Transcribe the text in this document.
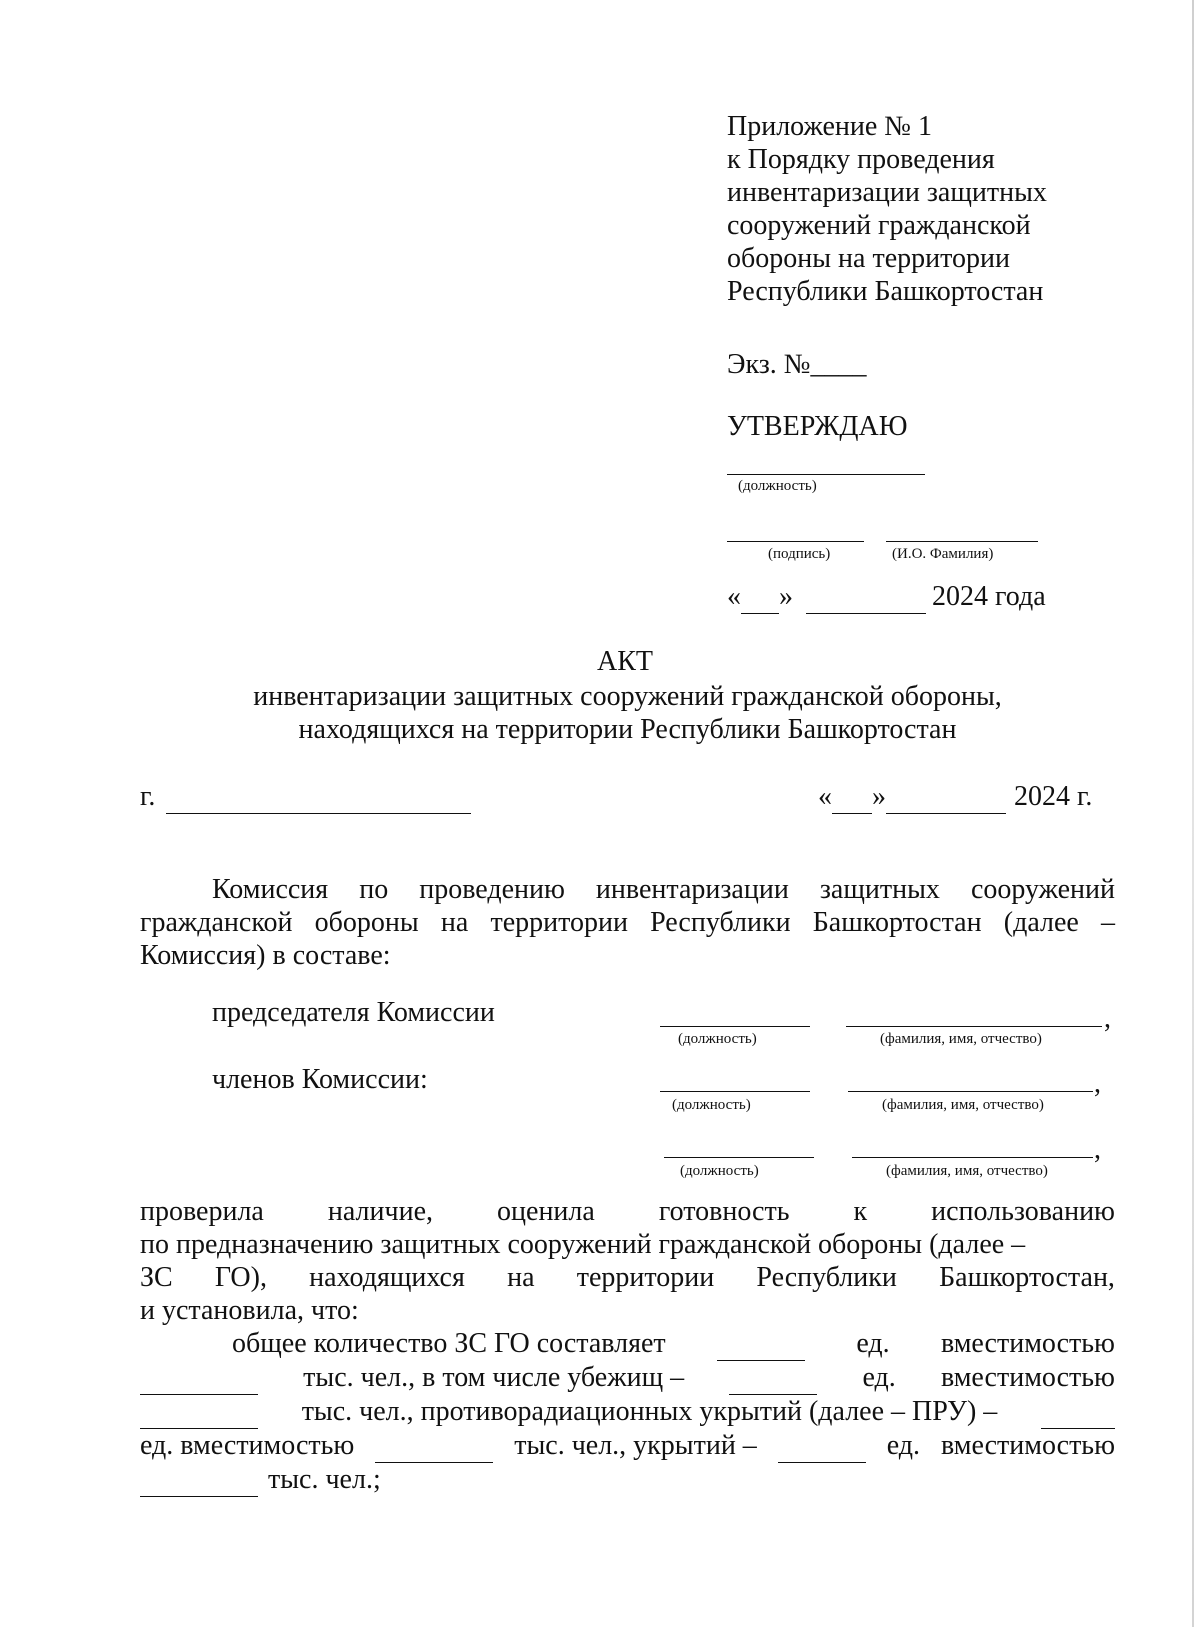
Приложение № 1
к Порядку проведения
инвентаризации защитных
сооружений гражданской
обороны на территории
Республики Башкортостан
Экз. №____
УТВЕРЖДАЮ
(должность)
(подпись)	(И.О. Фамилия)
« »	2024 года
АКТ
инвентаризации защитных сооружений гражданской обороны,
находящихся на территории Республики Башкортостан
г.	« »	2024 г.
Комиссия по проведению инвентаризации защитных сооружений
гражданской обороны на территории Республики Башкортостан (далее –
Комиссия) в составе:
председателя Комиссии	,
(должность)	(фамилия, имя, отчество)
членов Комиссии:	,
(должность)	(фамилия, имя, отчество)
,
(должность)	(фамилия, имя, отчество)
проверила наличие, оценила готовность к использованию
по предназначению защитных сооружений гражданской обороны (далее –
ЗС ГО), находящихся на территории Республики Башкортостан,
и установила, что:
общее количество ЗС ГО составляет
	ед. вместимостью

тыс. чел., в том числе убежищ –
	ед. вместимостью

тыс. чел., противорадиационных укрытий (далее – ПРУ) –

ед. вместимостью
	тыс. чел., укрытий –
	ед. вместимостью
тыс. чел.;
